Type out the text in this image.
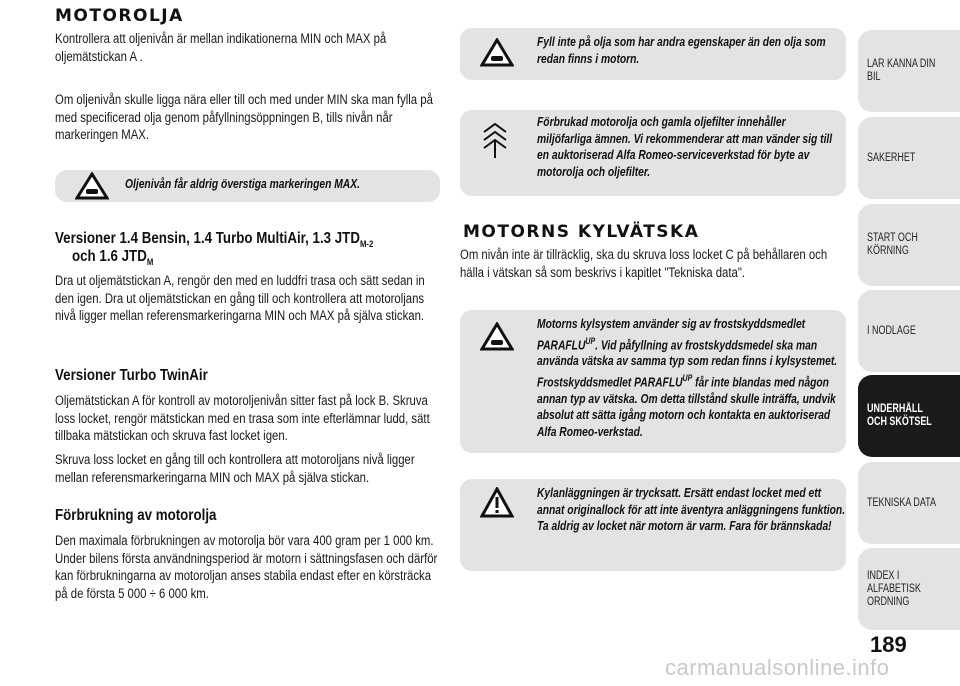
MOTOROLJA

Kontrollera att oljenivån är mellan indikationerna MIN och MAX på oljemätstickan A .

Om oljenivån skulle ligga nära eller till och med under MIN ska man fylla på med specificerad olja genom påfyllningsöppningen B, tills nivån når markeringen MAX.

Oljenivån får aldrig överstiga markeringen MAX.
Versioner 1.4 Bensin, 1.4 Turbo MultiAir, 1.3 $JTD_{M-2}$
och 1.6 $JTD_M$

Dra ut oljemätstickan A, rengör den med en luddfri trasa och sätt sedan in den igen. Dra ut oljemätstickan en gång till och kontrollera att motoroljans nivå ligger mellan referensmarkeringarna MIN och MAX på själva stickan.

Versioner Turbo TwinAir

Oljemätstickan A för kontroll av motoroljenivån sitter fast på lock B. Skruva loss locket, rengör mätstickan med en trasa som inte efterlämnar ludd, sätt tillbaka mätstickan och skruva fast locket igen.

Skruva loss locket en gång till och kontrollera att motoroljans nivå ligger mellan referensmarkeringarna MIN och MAX på själva stickan.

Förbrukning av motorolja

Den maximala förbrukningen av motorolja bör vara 400 gram per 1 000 km. Under bilens första användningsperiod är motorn i sättningsfasen och därför kan förbrukningarna av motoroljan anses stabila endast efter en körsträcka på de första 5 000 ÷ 6 000 km.

Fyll inte på olja som har andra egenskaper än den olja som redan finns i motorn.
Förbrukad motorolja och gamla oljefilter innehåller miljöfarliga ämnen. Vi rekommenderar att man vänder sig till en auktoriserad Alfa Romeo-serviceverkstad för byte av motorolja och oljefilter.
MOTORNS KYLVÄTSKA

Om nivån inte är tillräcklig, ska du skruva loss locket C på behållaren och hälla i vätskan så som beskrivs i kapitlet "Tekniska data".

Motorns kylsystem använder sig av frostskyddsmedlet $PARAFLU^{UP}$. Vid påfyllning av frostskyddsmedel ska man använda vätska av samma typ som redan finns i kylsystemet. Frostskyddsmedlet $PARAFLU^{UP}$ får inte blandas med någon annan typ av vätska. Om detta tillstånd skulle inträffa, undvik absolut att sätta igång motorn och kontakta en auktoriserad Alfa Romeo-verkstad.
Kylanläggningen är trycksatt. Ersätt endast locket med ett annat originallock för att inte äventyra anläggningens funktion. Ta aldrig av locket när motorn är varm. Fara för brännskada!
LÄR KÄNNA DIN BIL
SÄKERHET
START OCH KÖRNING
I NÖDLÄGE
UNDERHÅLL OCH SKÖTSEL
TEKNISKA DATA
INDEX I ALFABETISK ORDNING
189
carmanualsonline.info
